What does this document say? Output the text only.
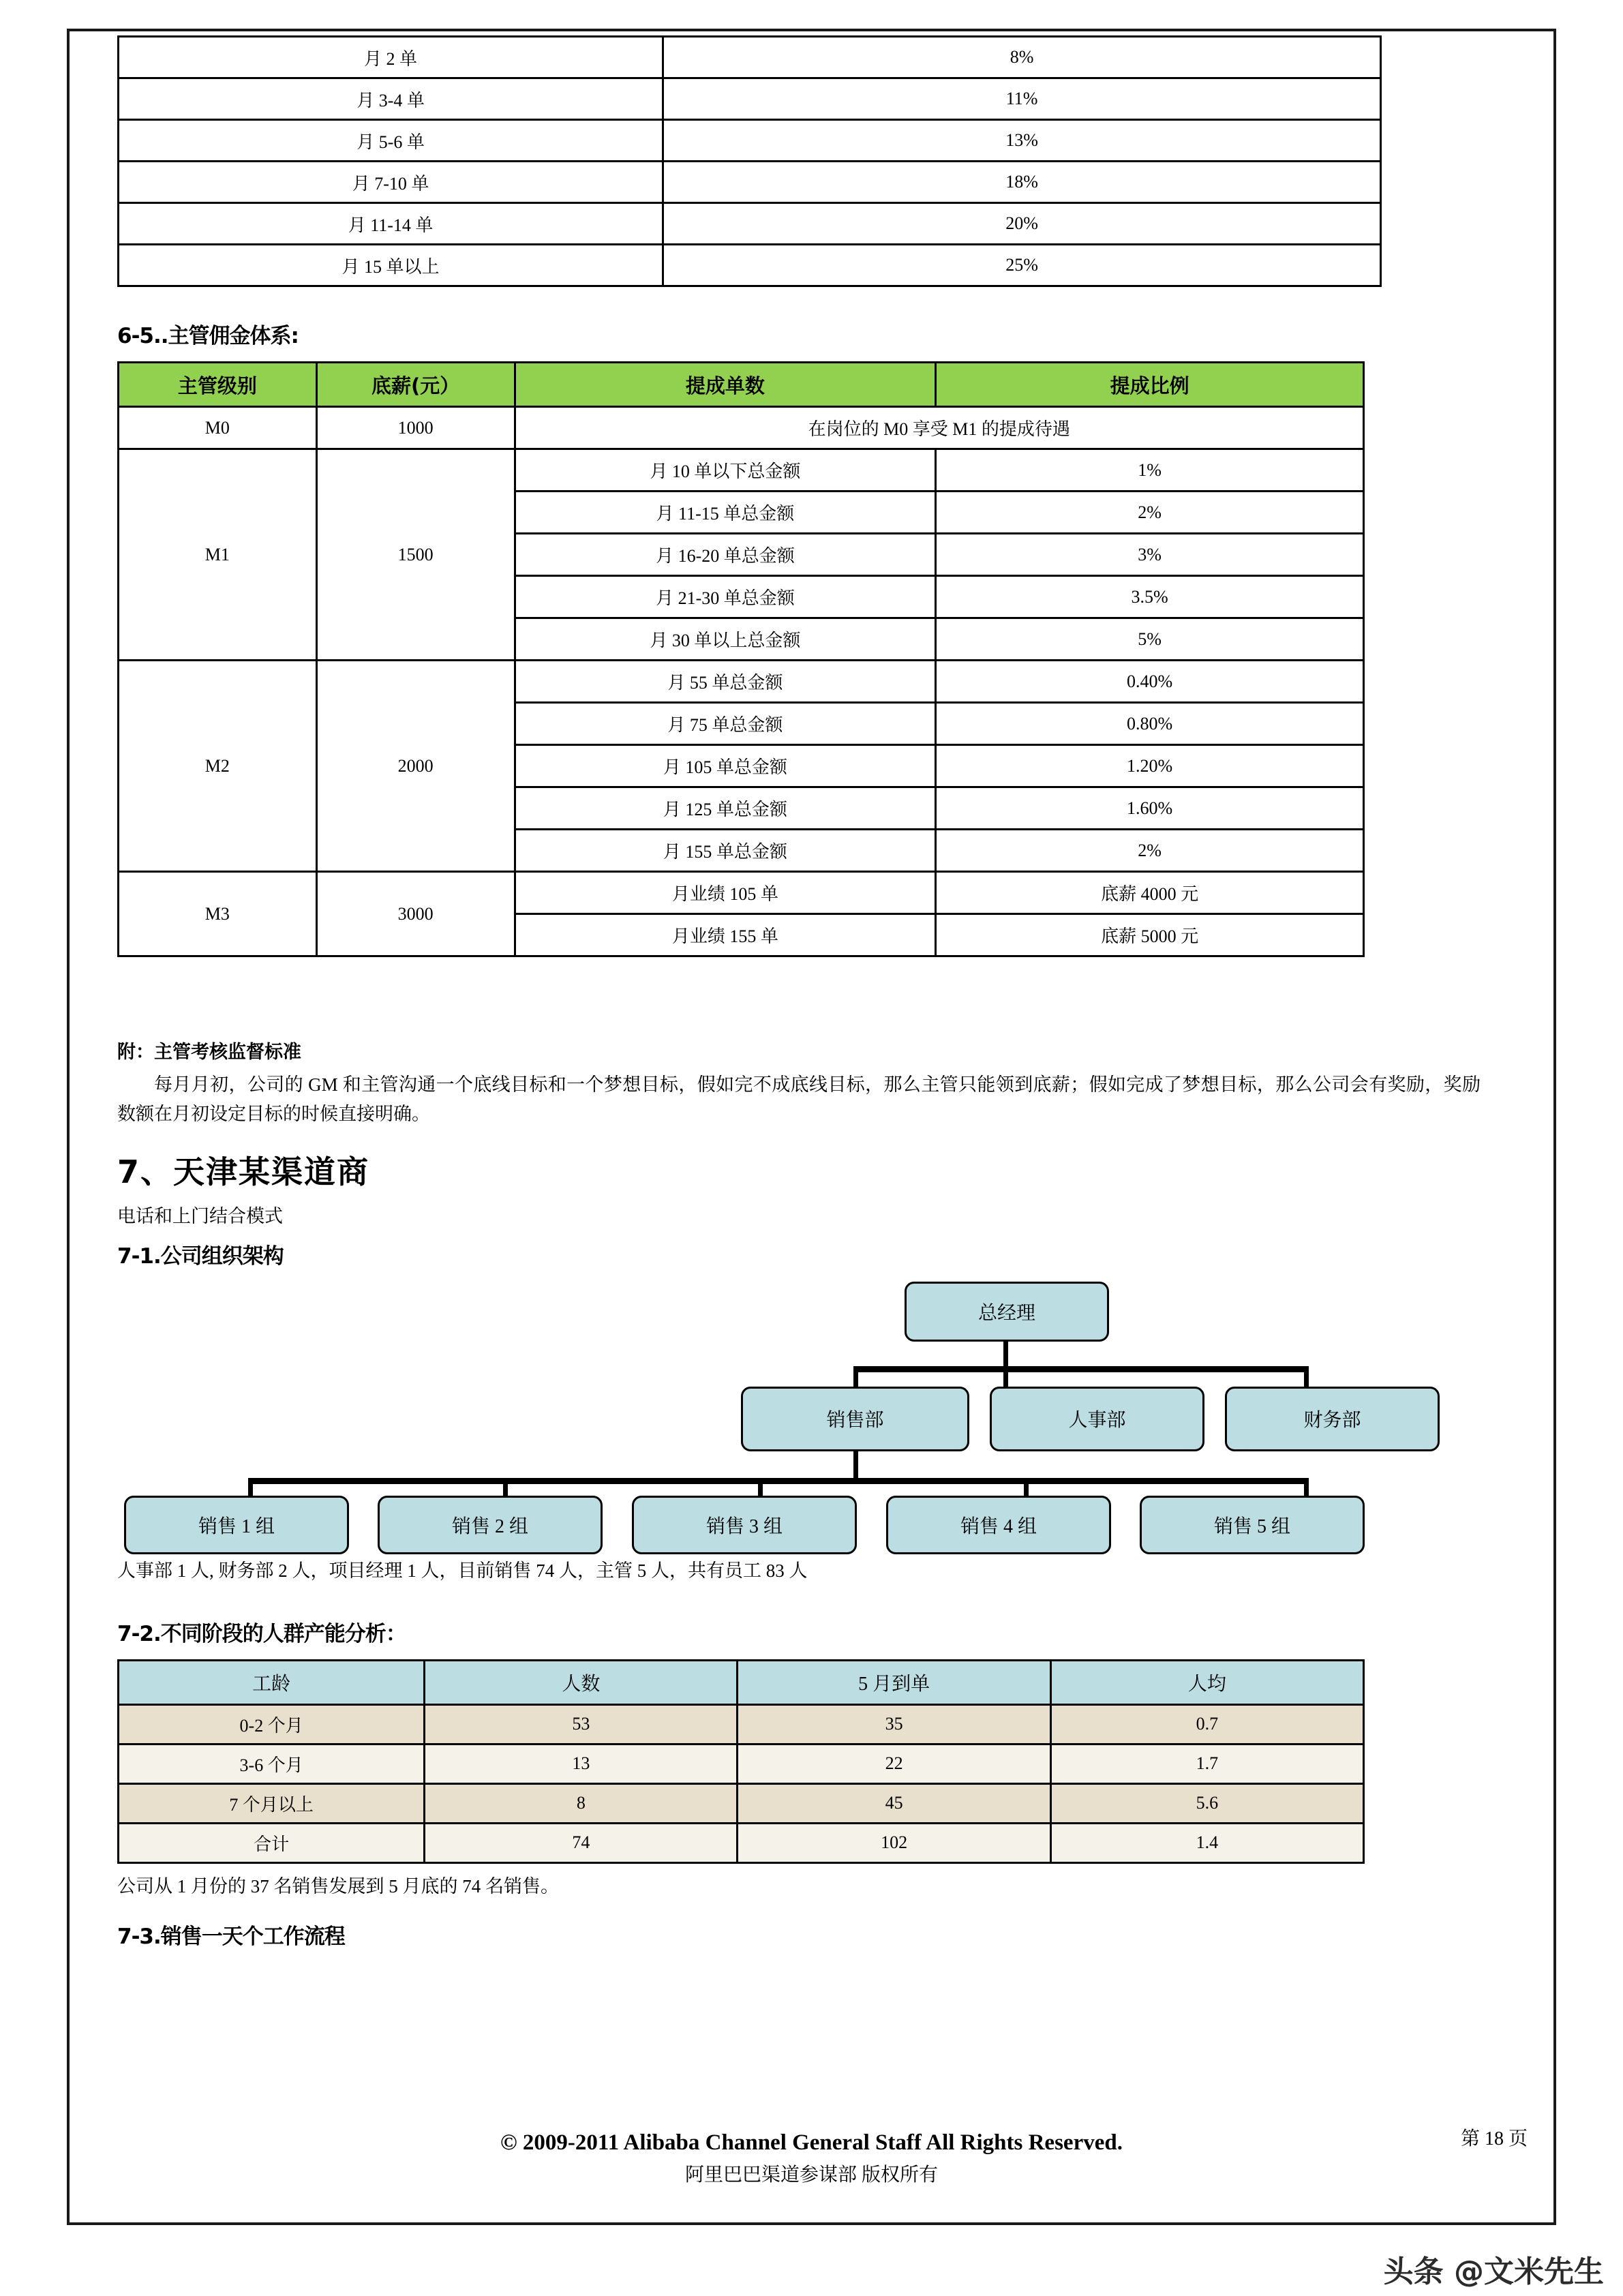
月 2 单	8%
月 3-4 单	11%
月 5-6 单	13%
月 7-10 单	18%
月 11-14 单	20%
月 15 单以上	25%
6-5..主管佣金体系:
主管级别	底薪(元）	提成单数	提成比例
M0	1000	在岗位的 M0 享受 M1 的提成待遇	
M1	1500	月 10 单以下总金额	1%
		月 11-15 单总金额	2%
		月 16-20 单总金额	3%
		月 21-30 单总金额	3.5%
		月 30 单以上总金额	5%
M2	2000	月 55 单总金额	0.40%
		月 75 单总金额	0.80%
		月 105 单总金额	1.20%
		月 125 单总金额	1.60%
		月 155 单总金额	2%
M3	3000	月业绩 105 单	底薪 4000 元
		月业绩 155 单	底薪 5000 元

附：主管考核监督标准

每月月初，公司的 GM 和主管沟通一个底线目标和一个梦想目标，假如完不成底线目标，那么主管只能领到底薪；假如完成了梦想目标，那么公司会有奖励，奖励数额在月初设定目标的时候直接明确。

7、天津某渠道商

电话和上门结合模式

7-1.公司组织架构
总经理
销售部	人事部	财务部
销售 1 组	销售 2 组	销售 3 组	销售 4 组	销售 5 组

人事部 1 人, 财务部 2 人，项目经理 1 人，目前销售 74 人，主管 5 人，共有员工 83 人

7-2.不同阶段的人群产能分析：
工龄	人数	5 月到单	人均
0-2 个月	53	35	0.7
3-6 个月	13	22	1.7
7 个月以上	8	45	5.6
合计	74	102	1.4

公司从 1 月份的 37 名销售发展到 5 月底的 74 名销售。

7-3.销售一天个工作流程
© 2009-2011 Alibaba Channel General Staff All Rights Reserved.
阿里巴巴渠道参谋部 版权所有
第 18 页
头条 @文米先生
